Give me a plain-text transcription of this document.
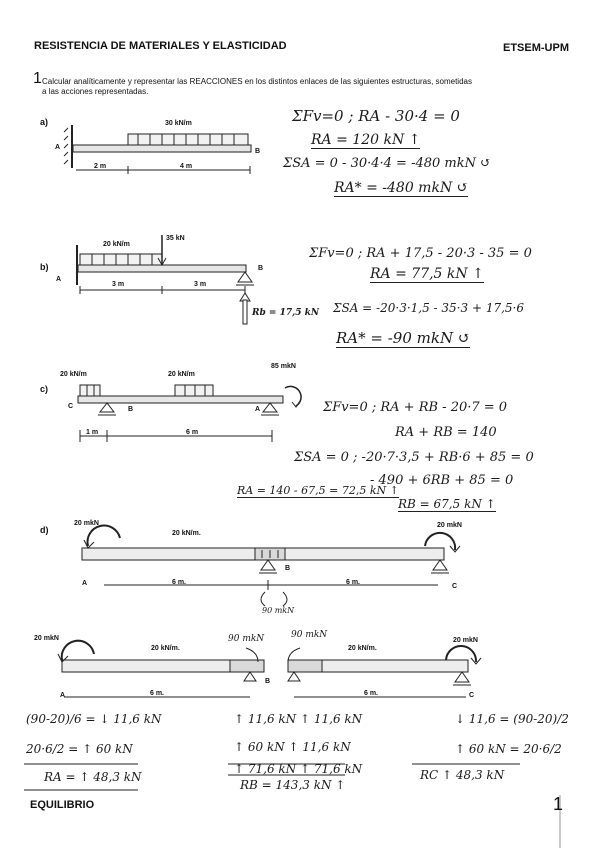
RESISTENCIA DE MATERIALES Y ELASTICIDAD	ETSEM-UPM
1 Calcular analíticamente y representar las REACCIONES en los distintos enlaces de las siguientes estructuras, sometidas
a las acciones representadas.
a)	30 kN/m
A
B
2 m	4 m
ΣFv=0 ; RA - 30·4 = 0
RA = 120 kN ↑
ΣSA = 0 - 30·4·4 = -480 mkN ↺
RA* = -480 mkN ↺
b)
20 kN/m
35 kN
A
B
3 m	3 m
Rb = 17,5 kN
ΣFv=0 ; RA + 17,5 - 20·3 - 35 = 0
RA = 77,5 kN ↑
ΣSA = -20·3·1,5 - 35·3 + 17,5·6
RA* = -90 mkN ↺
c)
20 kN/m	20 kN/m
85 mkN
C	B	A
1 m	6 m
ΣFv=0 ; RA + RB - 20·7 = 0
RA + RB = 140
ΣSA = 0 ; -20·7·3,5 + RB·6 + 85 = 0
- 490 + 6RB + 85 = 0
RA = 140 - 67,5 = 72,5 kN ↑
RB = 67,5 kN ↑
d)
20 mkN
20 kN/m.
20 mkN
A
B
C
6 m.	6 m.
90 mkN
20 mkN
20 kN/m.
90 mkN	90 mkN
20 kN/m.
20 mkN
A
B
C
6 m.	6 m.
(90-20)/6 = ↓ 11,6 kN
20·6/2 = ↑ 60 kN
RA = ↑ 48,3 kN
↑ 11,6 kN ↑ 11,6 kN
↑ 60 kN ↑ 11,6 kN
↑ 71,6 kN ↑ 71,6 kN
RB = 143,3 kN ↑
↓ 11,6 = (90-20)/2
↑ 60 kN = 20·6/2
RC ↑ 48,3 kN
EQUILIBRIO	1
